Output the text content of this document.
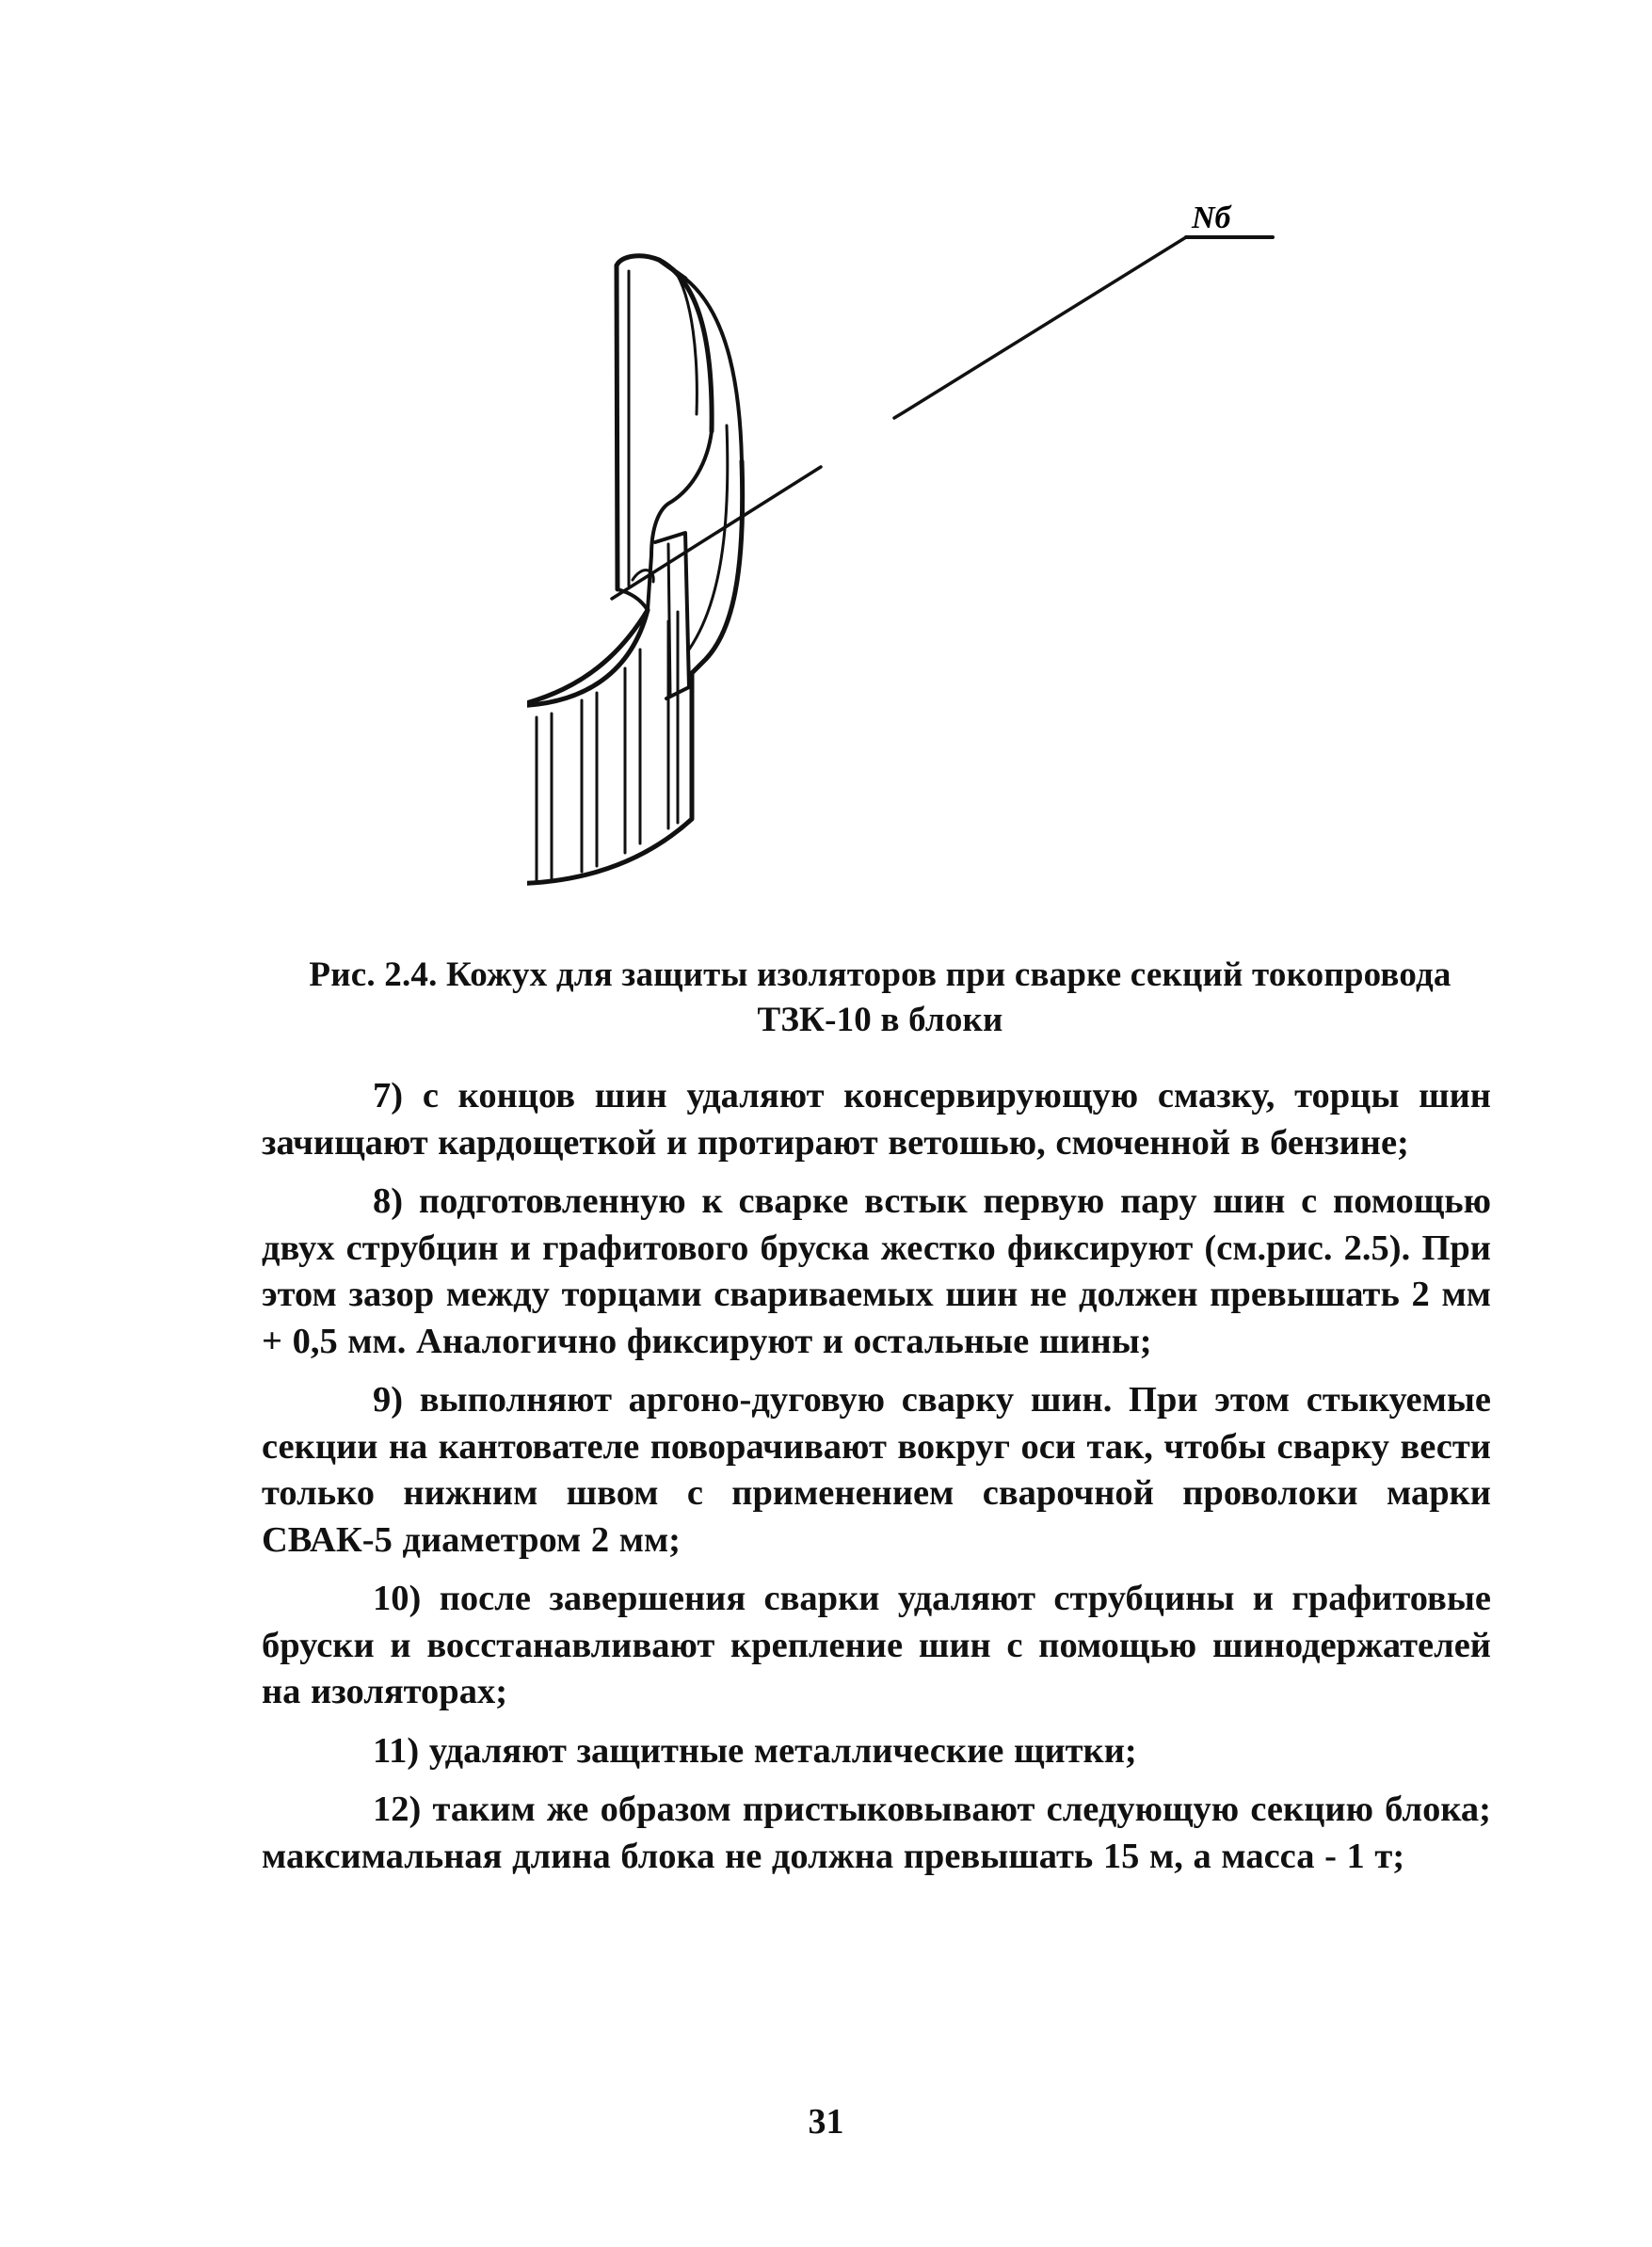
Nб
Рис. 2.4. Кожух для защиты изоляторов при сварке секций токопровода
ТЗК-10 в блоки

7) с концов шин удаляют консервирующую смазку, торцы шин зачищают кардощеткой и протирают ветошью, смоченной в бензине;

8) подготовленную к сварке встык первую пару шин с помощью двух струбцин и графитового бруска жестко фиксируют (см.рис. 2.5). При этом зазор между торцами свариваемых шин не должен превышать 2 мм + 0,5 мм. Аналогично фиксируют и остальные шины;

9) выполняют аргоно-дуговую сварку шин. При этом стыкуемые секции на кантователе поворачивают вокруг оси так, чтобы сварку вести только нижним швом с применением сварочной проволоки марки СВАК-5 диаметром 2 мм;

10) после завершения сварки удаляют струбцины и графитовые бруски и восстанавливают крепление шин с помощью шинодержателей на изоляторах;

11) удаляют защитные металлические щитки;

12) таким же образом пристыковывают следующую секцию блока; максимальная длина блока не должна превышать 15 м, а масса - 1 т;

31
